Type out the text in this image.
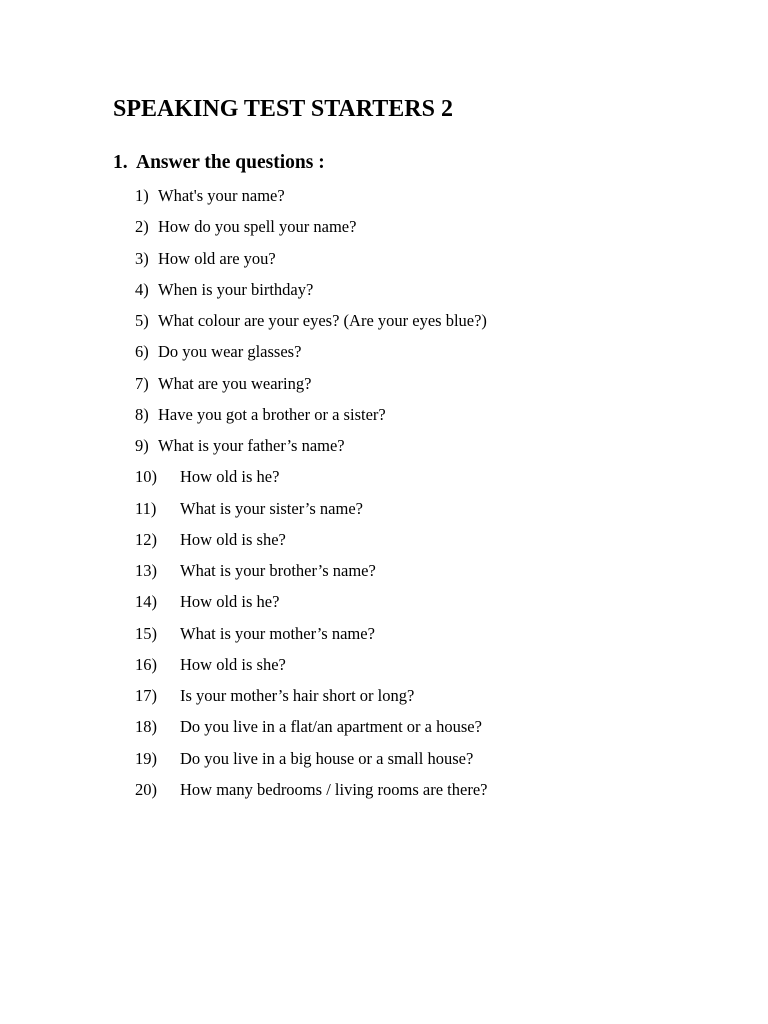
SPEAKING TEST STARTERS 2
1. Answer the questions :
1) What's your name?
2) How do you spell your name?
3) How old are you?
4) When is your birthday?
5) What colour are your eyes? (Are your eyes blue?)
6) Do you wear glasses?
7) What are you wearing?
8) Have you got a brother or a sister?
9) What is your father’s name?
10) How old is he?
11) What is your sister’s name?
12) How old is she?
13) What is your brother’s name?
14) How old is he?
15) What is your mother’s name?
16) How old is she?
17) Is your mother’s hair short or long?
18) Do you live in a flat/an apartment or a house?
19) Do you live in a big house or a small house?
20) How many bedrooms / living rooms are there?
